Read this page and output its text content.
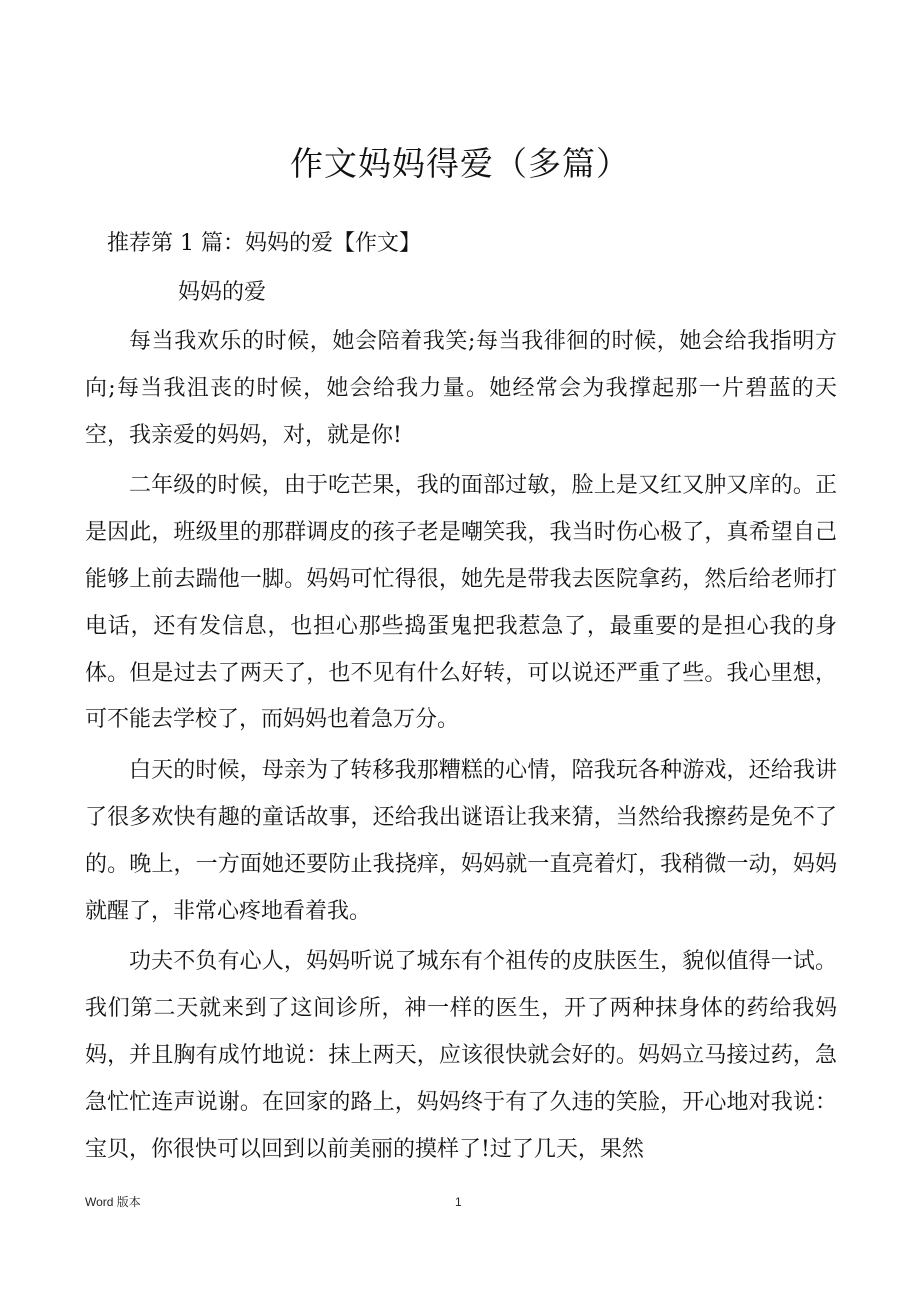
作文妈妈得爱（多篇）
推荐第 1 篇：妈妈的爱【作文】
妈妈的爱

每当我欢乐的时候，她会陪着我笑;每当我徘徊的时候，她会给我指明方向;每当我沮丧的时候，她会给我力量。她经常会为我撑起那一片碧蓝的天空，我亲爱的妈妈，对，就是你!

二年级的时候，由于吃芒果，我的面部过敏，脸上是又红又肿又庠的。正是因此，班级里的那群调皮的孩子老是嘲笑我，我当时伤心极了，真希望自己能够上前去踹他一脚。妈妈可忙得很，她先是带我去医院拿药，然后给老师打电话，还有发信息，也担心那些捣蛋鬼把我惹急了，最重要的是担心我的身体。但是过去了两天了，也不见有什么好转，可以说还严重了些。我心里想，可不能去学校了，而妈妈也着急万分。

白天的时候，母亲为了转移我那糟糕的心情，陪我玩各种游戏，还给我讲了很多欢快有趣的童话故事，还给我出谜语让我来猜，当然给我擦药是免不了的。晚上，一方面她还要防止我挠痒，妈妈就一直亮着灯，我稍微一动，妈妈就醒了，非常心疼地看着我。

功夫不负有心人，妈妈听说了城东有个祖传的皮肤医生，貌似值得一试。我们第二天就来到了这间诊所，神一样的医生，开了两种抹身体的药给我妈妈，并且胸有成竹地说：抹上两天，应该很快就会好的。妈妈立马接过药，急急忙忙连声说谢。在回家的路上，妈妈终于有了久违的笑脸，开心地对我说：宝贝，你很快可以回到以前美丽的摸样了!过了几天，果然

Word 版本	1
